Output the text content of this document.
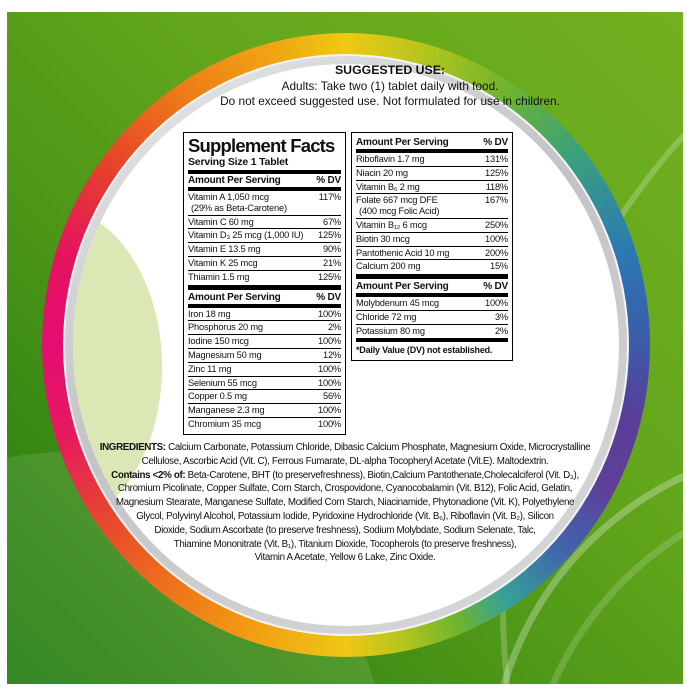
SUGGESTED USE:
Adults: Take two (1) tablet daily with food.
Do not exceed suggested use. Not formulated for use in children.
Supplement Facts
Serving Size 1 Tablet
Amount Per Serving	% DV
Vitamin A 1,050 mcg
(29% as Beta-Carotene)
117%
Vitamin C 60 mg	67%
Vitamin D₃ 25 mcg (1,000 IU) 125%
Vitamin E 13.5 mg	90%
Vitamin K 25 mcg	21%
Thiamin 1.5 mg	125%
Amount Per Serving	% DV
Iron 18 mg	100%
Phosphorus 20 mg	2%
Iodine 150 mcg	100%
Magnesium 50 mg	12%
Zinc 11 mg	100%
Selenium 55 mcg	100%
Copper 0.5 mg	56%
Manganese 2.3 mg	100%
Chromium 35 mcg	100%
Amount Per Serving	% DV
Riboflavin 1.7 mg	131%
Niacin 20 mg	125%
Vitamin B₆ 2 mg	118%
Folate 667 mcg DFE
(400 mcg Folic Acid)
167%
Vitamin B₁₂ 6 mcg	250%
Biotin 30 mcg	100%
Pantothenic Acid 10 mg	200%
Calcium 200 mg	15%
Amount Per Serving	% DV
Molybdenum 45 mcg	100%
Chloride 72 mg	3%
Potassium 80 mg	2%
*Daily Value (DV) not established.
INGREDIENTS: Calcium Carbonate, Potassium Chloride, Dibasic Calcium Phosphate, Magnesium Oxide, Microcrystalline
Cellulose, Ascorbic Acid (Vit. C), Ferrous Fumarate, DL-alpha Tocopheryl Acetate (Vit.E). Maltodextrin.
Contains <2% of: Beta-Carotene, BHT (to preservefreshness), Biotin,Calcium Pantothenate,Cholecalciferol (Vit. D₃),
Chromium Picolinate, Copper Sulfate, Corn Starch, Crospovidone, Cyanocobalamin (Vit. B12), Folic Acid, Gelatin,
Magnesium Stearate, Manganese Sulfate, Modified Corn Starch, Niacinamide, Phytonadione (Vit. K), Polyethylene
Glycol, Polyvinyl Alcohol, Potassium Iodide, Pyridoxine Hydrochloride (Vit. B₆), Riboflavin (Vit. B₂), Silicon
Dioxide, Sodium Ascorbate (to preserve freshness), Sodium Molybdate, Sodium Selenate, Talc,
Thiamine Mononitrate (Vit. B₁), Titanium Dioxide, Tocopherols (to preserve freshness),
Vitamin A Acetate, Yellow 6 Lake, Zinc Oxide.
